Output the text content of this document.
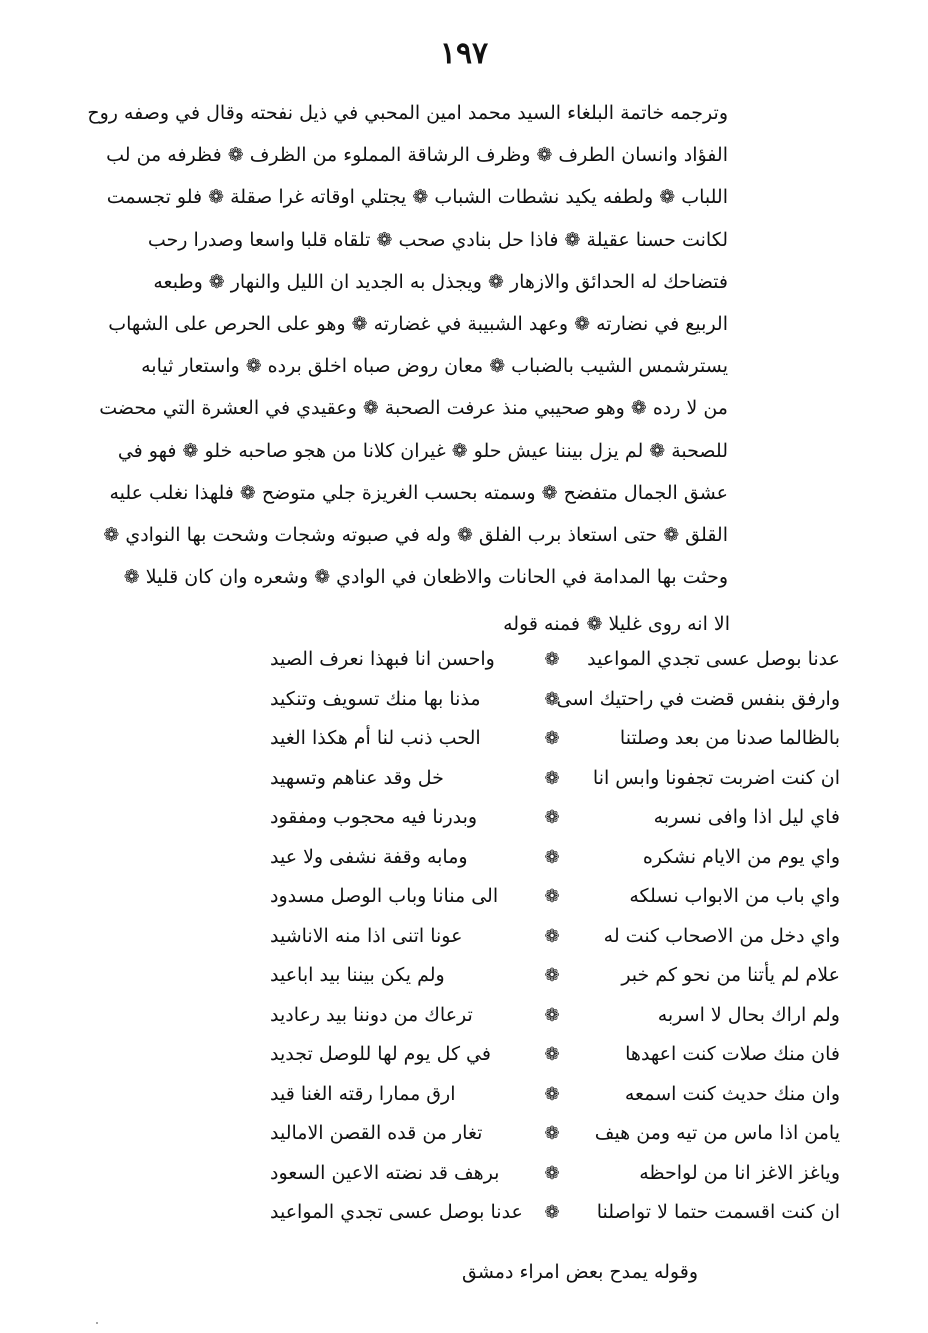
١٩٧
وترجمه خاتمة البلغاء السيد محمد امين المحبي في ذيل نفحته وقال في وصفه روح
الفؤاد وانسان الطرف ❁ وظرف الرشاقة المملوء من الظرف ❁ فظرفه من لب
اللباب ❁ ولطفه يكيد نشطات الشباب ❁ يجتلي اوقاته غرا صقلة ❁ فلو تجسمت
لكانت حسنا عقيلة ❁ فاذا حل بنادي صحب ❁ تلقاه قلبا واسعا وصدرا رحب
فتضاحك له الحدائق والازهار ❁ ويجذل به الجديد ان الليل والنهار ❁ وطبعه
الربيع في نضارته ❁ وعهد الشبيبة في غضارته ❁ وهو على الحرص على الشهاب
يسترشمس الشيب بالضباب ❁ معان روض صباه اخلق برده ❁ واستعار ثيابه
من لا رده ❁ وهو صحيبي منذ عرفت الصحبة ❁ وعقيدي في العشرة التي محضت
للصحبة ❁ لم يزل بيننا عيش حلو ❁ غيران كلانا من هجو صاحبه خلو ❁ فهو في
عشق الجمال متفضح ❁ وسمته بحسب الغريزة جلي متوضح ❁ فلهذا نغلب عليه
القلق ❁ حتى استعاذ برب الفلق ❁ وله في صبوته وشجات وشحت بها النوادي ❁
وحثت بها المدامة في الحانات والاظعان في الوادي ❁ وشعره وان كان قليلا ❁
الا انه روى غليلا ❁
فمنه قوله
عدنا بوصل عسى تجدي المواعيد
❁
واحسن انا فبهذا نعرف الصيد
وارفق بنفس قضت في راحتيك اسى
❁
مذنا بها منك تسويف وتنكيد
بالظالما صدنا من بعد وصلتنا
❁
الحب ذنب لنا أم هكذا الغيد
ان كنت اضربت تجفونا وابس انا
❁
خل وقد عناهم وتسهيد
فاي ليل اذا وافى نسربه
❁
وبدرنا فيه محجوب ومفقود
واي يوم من الايام نشكره
❁
ومابه وقفة نشفى ولا عيد
واي باب من الابواب نسلكه
❁
الى منانا وباب الوصل مسدود
واي دخل من الاصحاب كنت له
❁
عونا اتنى اذا منه الاناشيد
علام لم يأتنا من نحو كم خبر
❁
ولم يكن بيننا بيد اباعيد
ولم اراك بحال لا اسربه
❁
ترعاك من دوننا بيد رعاديد
فان منك صلات كنت اعهدها
❁
في كل يوم لها للوصل تجديد
وان منك حديث كنت اسمعه
❁
ارق ممارا رقته الغنا قيد
يامن اذا ماس من تيه ومن هيف
❁
تغار من قده القصن الاماليد
وياغز الاغز انا من لواحظه
❁
برهف قد نضته الاعين السعود
ان كنت اقسمت حتما لا تواصلنا
❁
عدنا بوصل عسى تجدي المواعيد
وقوله يمدح بعض امراء دمشق
